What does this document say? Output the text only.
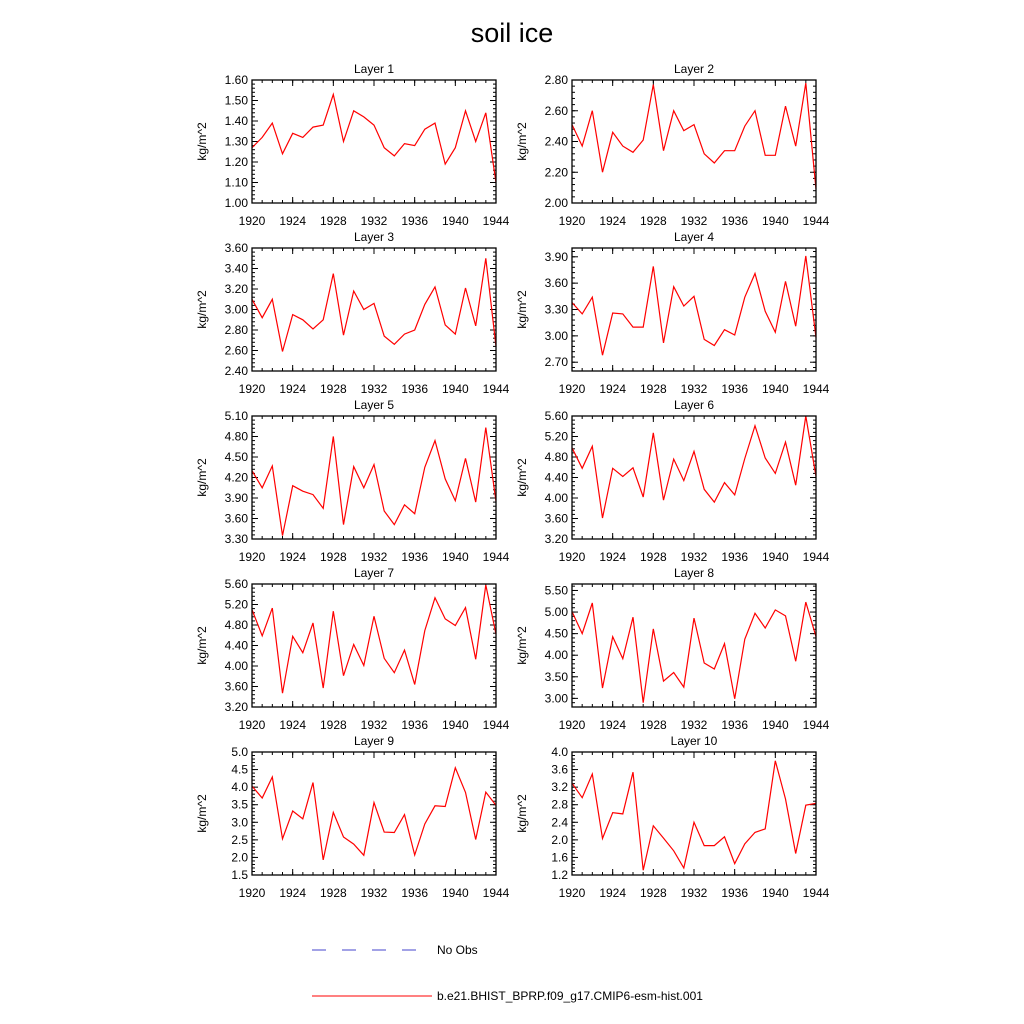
soil ice
Layer 1
kg/m^2
1920 1924 1928 1932 1936 1940 1944
1.00
1.10
1.20
1.30
1.40
1.50
1.60
Layer 2
kg/m^2
1920 1924 1928 1932 1936 1940 1944
2.00
2.20
2.40
2.60
2.80
Layer 3
kg/m^2
1920 1924 1928 1932 1936 1940 1944
2.40
2.60
2.80
3.00
3.20
3.40
3.60
Layer 4
kg/m^2
1920 1924 1928 1932 1936 1940 1944
2.70
3.00
3.30
3.60
3.90
Layer 5
kg/m^2
1920 1924 1928 1932 1936 1940 1944
3.30
3.60
3.90
4.20
4.50
4.80
5.10
Layer 6
kg/m^2
1920 1924 1928 1932 1936 1940 1944
3.20
3.60
4.00
4.40
4.80
5.20
5.60
Layer 7
kg/m^2
1920 1924 1928 1932 1936 1940 1944
3.20
3.60
4.00
4.40
4.80
5.20
5.60
Layer 8
kg/m^2
1920 1924 1928 1932 1936 1940 1944
3.00
3.50
4.00
4.50
5.00
5.50
Layer 9
kg/m^2
1920 1924 1928 1932 1936 1940 1944
1.5
2.0
2.5
3.0
3.5
4.0
4.5
5.0
Layer 10
kg/m^2
1920 1924 1928 1932 1936 1940 1944
1.2
1.6
2.0
2.4
2.8
3.2
3.6
4.0
No Obs
b.e21.BHIST_BPRP.f09_g17.CMIP6-esm-hist.001
